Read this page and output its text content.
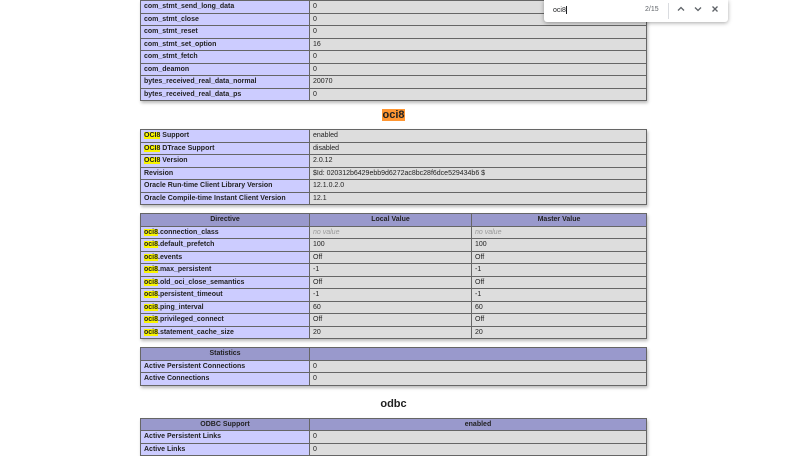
com_stmt_send_long_data	0
com_stmt_close	0
com_stmt_reset	0
com_stmt_set_option	16
com_stmt_fetch	0
com_deamon	0
bytes_received_real_data_normal	20070
bytes_received_real_data_ps	0
oci8
OCI8 Support	enabled
OCI8 DTrace Support	disabled
OCI8 Version	2.0.12
Revision	$Id: 020312b6429ebb9d6272ac8bc28f6dce529434b6 $
Oracle Run-time Client Library Version	12.1.0.2.0
Oracle Compile-time Instant Client Version	12.1
Directive	Local Value	Master Value
oci8.connection_class	no value	no value
oci8.default_prefetch	100	100
oci8.events	Off	Off
oci8.max_persistent	-1	-1
oci8.old_oci_close_semantics	Off	Off
oci8.persistent_timeout	-1	-1
oci8.ping_interval	60	60
oci8.privileged_connect	Off	Off
oci8.statement_cache_size	20	20
Statistics	
Active Persistent Connections	0
Active Connections	0
odbc
ODBC Support	enabled
Active Persistent Links	0
Active Links	0
oci8	2/15
